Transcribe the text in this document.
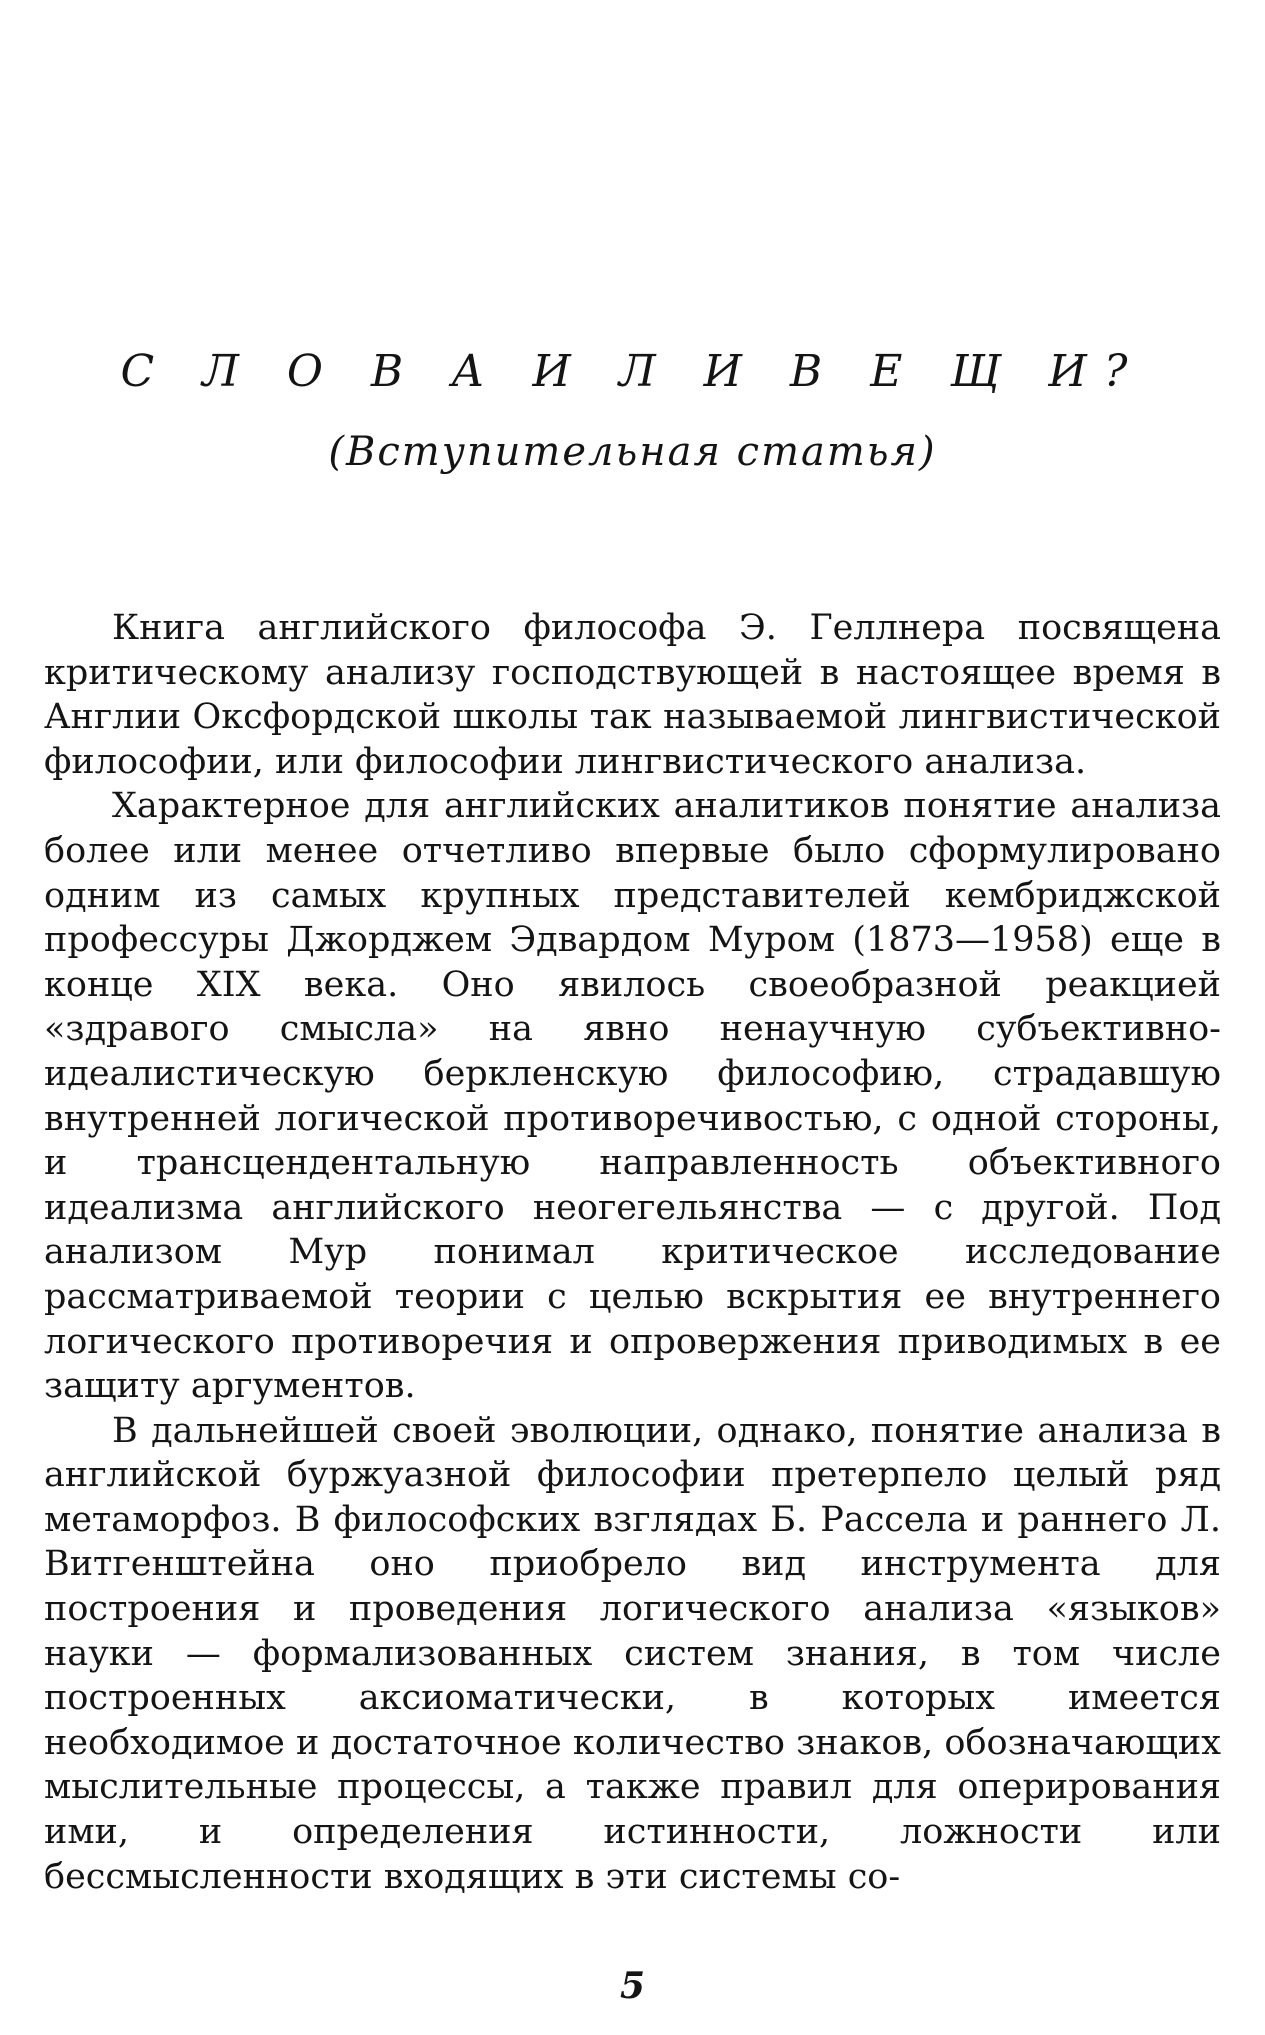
С Л О В А И Л И В Е Щ И?
(Вступительная статья)

Книга английского философа Э. Геллнера посвящена критическому анализу господствующей в настоящее время в Англии Оксфордской школы так называемой лингвистической философии, или философии лингвистического анализа.

Характерное для английских аналитиков понятие анализа более или менее отчетливо впервые было сформулировано одним из самых крупных представителей кембриджской профессуры Джорджем Эдвардом Муром (1873—1958) еще в конце XIX века. Оно явилось своеобразной реакцией «здравого смысла» на явно ненаучную субъективно-идеалистическую беркленскую философию, страдавшую внутренней логической противоречивостью, с одной стороны, и трансцендентальную направленность объективного идеализма английского неогегельянства — с другой. Под анализом Мур понимал критическое исследование рассматриваемой теории с целью вскрытия ее внутреннего логического противоречия и опровержения приводимых в ее защиту аргументов.

В дальнейшей своей эволюции, однако, понятие анализа в английской буржуазной философии претерпело целый ряд метаморфоз. В философских взглядах Б. Рассела и раннего Л. Витгенштейна оно приобрело вид инструмента для построения и проведения логического анализа «языков» науки — формализованных систем знания, в том числе построенных аксиоматически, в которых имеется необходимое и достаточное количество знаков, обозначающих мыслительные процессы, а также правил для оперирования ими, и определения истинности, ложности или бессмысленности входящих в эти системы со-

5
